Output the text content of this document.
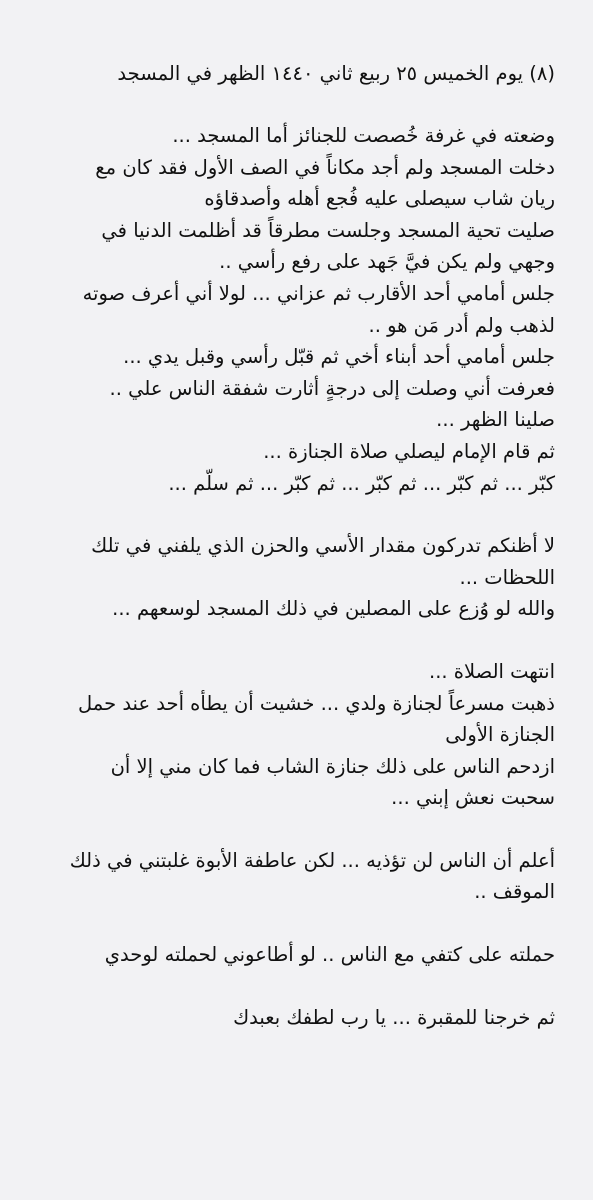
(٨) يوم الخميس ٢٥ ربيع ثاني ١٤٤٠ الظهر في المسجد
وضعته في غرفة خُصصت للجنائز أما المسجد ...
دخلت المسجد ولم أجد مكاناً في الصف الأول فقد كان مع
ريان شاب سيصلى عليه فُجع أهله وأصدقاؤه
صليت تحية المسجد وجلست مطرقاً قد أظلمت الدنيا في
وجهي ولم يكن فيَّ جَهد على رفع رأسي ..
جلس أمامي أحد الأقارب ثم عزاني ... لولا أني أعرف صوته
لذهب ولم أدر مَن هو ..
جلس أمامي أحد أبناء أخي ثم قبّل رأسي وقبل يدي ...
فعرفت أني وصلت إلى درجةٍ أثارت شفقة الناس علي ..
صلينا الظهر ...
ثم قام الإمام ليصلي صلاة الجنازة ...
كبّر ... ثم كبّر ... ثم كبّر ... ثم كبّر ... ثم سلّم ...
لا أظنكم تدركون مقدار الأسي والحزن الذي يلفني في تلك
اللحظات ...
والله لو وُزع على المصلين في ذلك المسجد لوسعهم ...
انتهت الصلاة ...
ذهبت مسرعاً لجنازة ولدي ... خشيت أن يطأه أحد عند حمل
الجنازة الأولى
ازدحم الناس على ذلك جنازة الشاب فما كان مني إلا أن
سحبت نعش إبني ...
أعلم أن الناس لن تؤذيه ... لكن عاطفة الأبوة غلبتني في ذلك
الموقف ..
حملته على كتفي مع الناس .. لو أطاعوني لحملته لوحدي
ثم خرجنا للمقبرة ... يا رب لطفك بعبدك
